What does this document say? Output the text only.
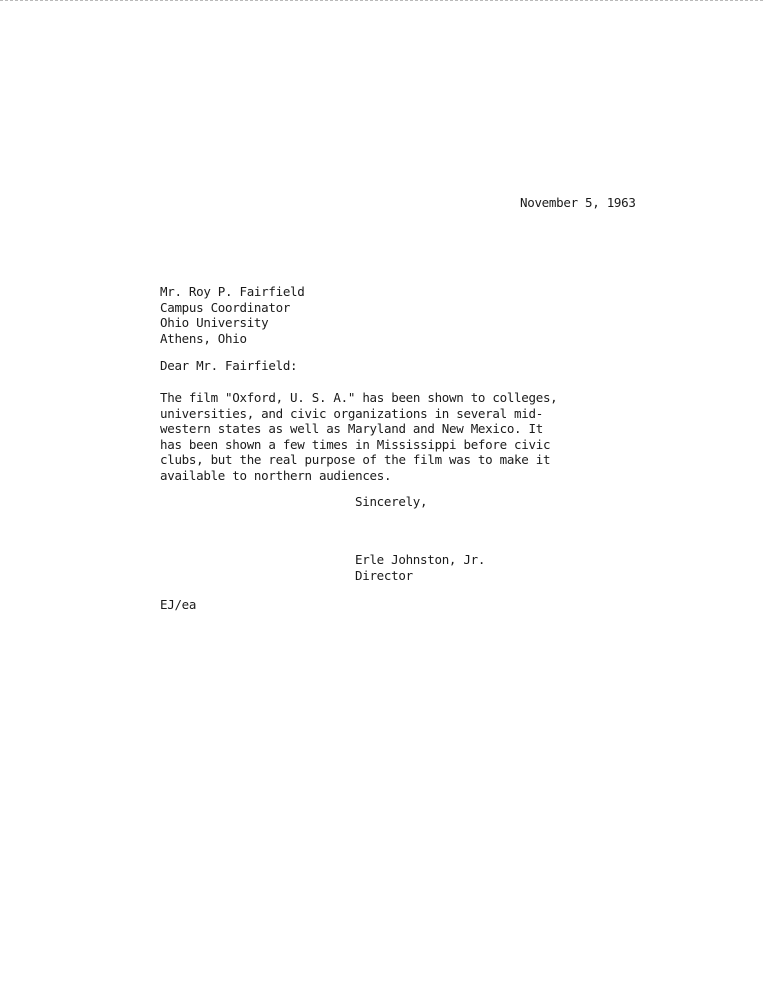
November 5, 1963
Mr. Roy P. Fairfield
Campus Coordinator
Ohio University
Athens, Ohio
Dear Mr. Fairfield:
The film "Oxford, U. S. A." has been shown to colleges,
universities, and civic organizations in several mid-
western states as well as Maryland and New Mexico. It
has been shown a few times in Mississippi before civic
clubs, but the real purpose of the film was to make it
available to northern audiences.
Sincerely,
Erle Johnston, Jr.
Director
EJ/ea
